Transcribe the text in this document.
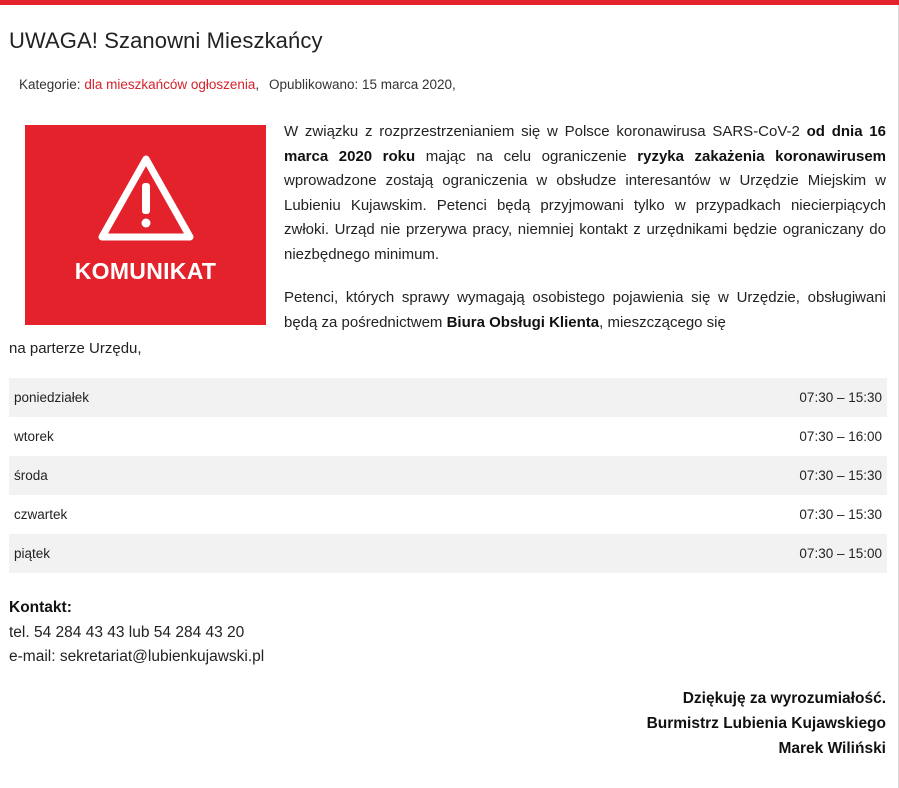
UWAGA! Szanowni Mieszkańcy
Kategorie: dla mieszkańców ogłoszenia, Opublikowano: 15 marca 2020,
KOMUNIKAT

W związku z rozprzestrzenianiem się w Polsce koronawirusa SARS-CoV-2 od dnia 16 marca 2020 roku mając na celu ograniczenie ryzyka zakażenia koronawirusem wprowadzone zostają ograniczenia w obsłudze interesantów w Urzędzie Miejskim w Lubieniu Kujawskim. Petenci będą przyjmowani tylko w przypadkach niecierpiących zwłoki. Urząd nie przerywa pracy, niemniej kontakt z urzędnikami będzie ograniczany do niezbędnego minimum.

Petenci, których sprawy wymagają osobistego pojawienia się w Urzędzie, obsługiwani będą za pośrednictwem Biura Obsługi Klienta, mieszczącego się

na parterze Urzędu,

poniedziałek	07:30 – 15:30
wtorek	07:30 – 16:00
środa	07:30 – 15:30
czwartek	07:30 – 15:30
piątek	07:30 – 15:00
Kontakt:
tel. 54 284 43 43 lub 54 284 43 20
e-mail: sekretariat@lubienkujawski.pl
Dziękuję za wyrozumiałość.
Burmistrz Lubienia Kujawskiego
Marek Wiliński
